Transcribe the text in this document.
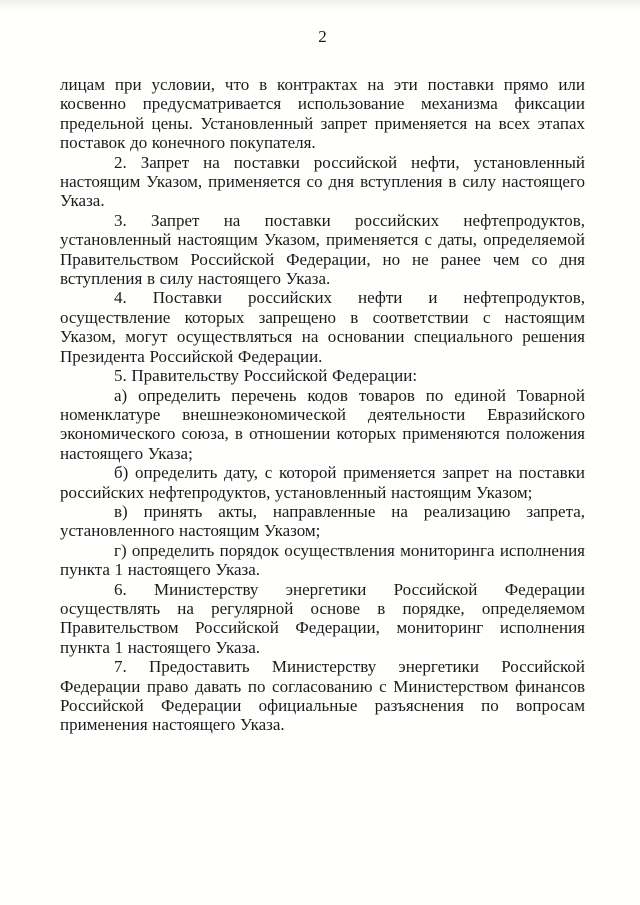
2

лицам при условии, что в контрактах на эти поставки прямо или косвенно предусматривается использование механизма фиксации предельной цены. Установленный запрет применяется на всех этапах поставок до конечного покупателя.

2. Запрет на поставки российской нефти, установленный настоящим Указом, применяется со дня вступления в силу настоящего Указа.

3. Запрет на поставки российских нефтепродуктов, установленный настоящим Указом, применяется с даты, определяемой Правительством Российской Федерации, но не ранее чем со дня вступления в силу настоящего Указа.

4. Поставки российских нефти и нефтепродуктов, осуществление которых запрещено в соответствии с настоящим Указом, могут осуществляться на основании специального решения Президента Российской Федерации.

5. Правительству Российской Федерации:

а) определить перечень кодов товаров по единой Товарной номенклатуре внешнеэкономической деятельности Евразийского экономического союза, в отношении которых применяются положения настоящего Указа;

б) определить дату, с которой применяется запрет на поставки российских нефтепродуктов, установленный настоящим Указом;

в) принять акты, направленные на реализацию запрета, установленного настоящим Указом;

г) определить порядок осуществления мониторинга исполнения пункта 1 настоящего Указа.

6. Министерству энергетики Российской Федерации осуществлять на регулярной основе в порядке, определяемом Правительством Российской Федерации, мониторинг исполнения пункта 1 настоящего Указа.

7. Предоставить Министерству энергетики Российской Федерации право давать по согласованию с Министерством финансов Российской Федерации официальные разъяснения по вопросам применения настоящего Указа.
